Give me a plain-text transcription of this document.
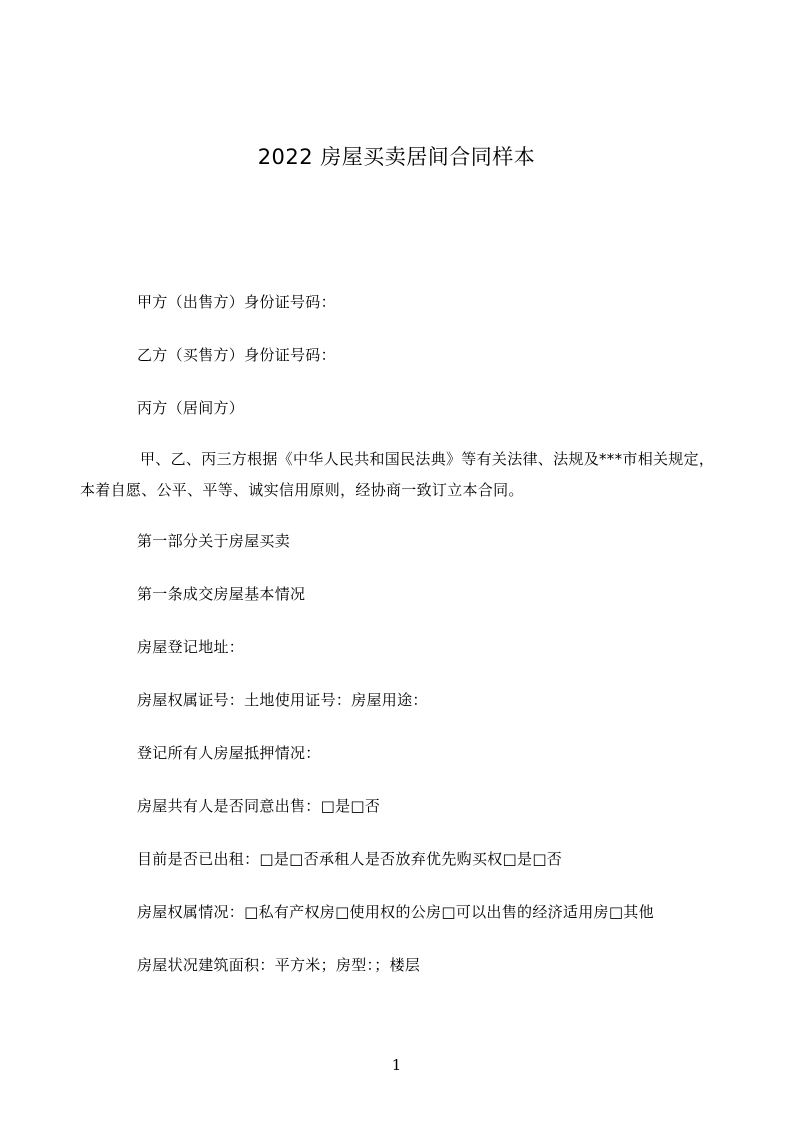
2022 房屋买卖居间合同样本
甲方（出售方）身份证号码：
乙方（买售方）身份证号码：
丙方（居间方）
甲、乙、丙三方根据《中华人民共和国民法典》等有关法律、法规及***市相关规定，本着自愿、公平、平等、诚实信用原则，经协商一致订立本合同。
第一部分关于房屋买卖
第一条成交房屋基本情况
房屋登记地址：
房屋权属证号：土地使用证号：房屋用途：
登记所有人房屋抵押情况：
房屋共有人是否同意出售：□是□否
目前是否已出租：□是□否承租人是否放弃优先购买权□是□否
房屋权属情况：□私有产权房□使用权的公房□可以出售的经济适用房□其他
房屋状况建筑面积：平方米；房型：；楼层
1
